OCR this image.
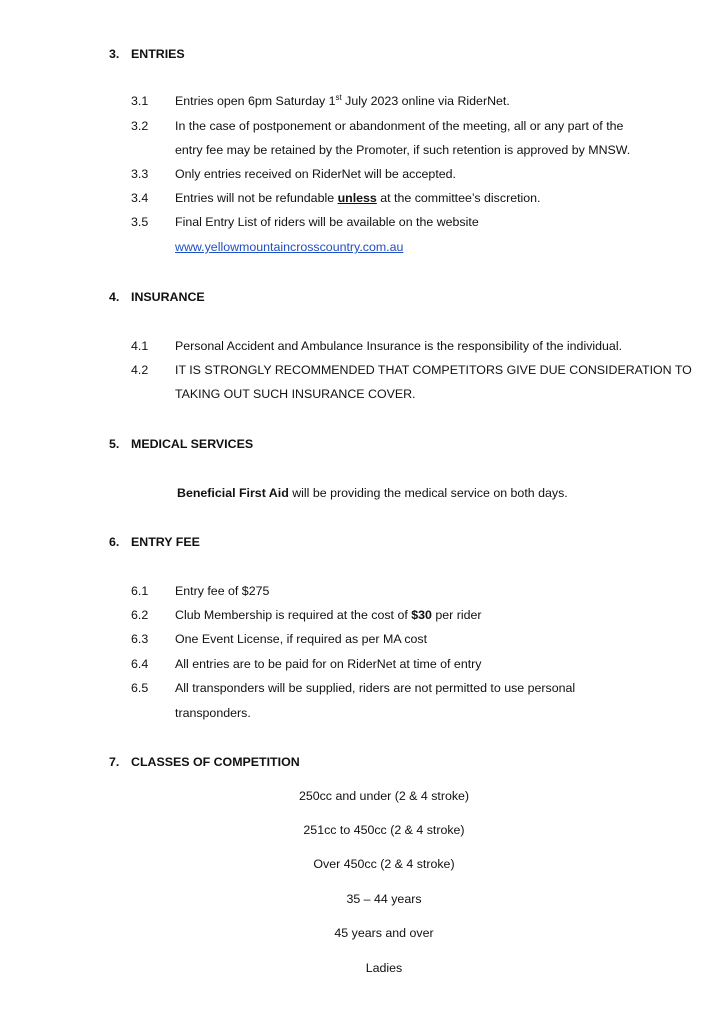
3. ENTRIES
3.1 Entries open 6pm Saturday 1st July 2023 online via RiderNet.
3.2 In the case of postponement or abandonment of the meeting, all or any part of the
entry fee may be retained by the Promoter, if such retention is approved by MNSW.
3.3 Only entries received on RiderNet will be accepted.
3.4 Entries will not be refundable unless at the committee’s discretion.
3.5 Final Entry List of riders will be available on the website
www.yellowmountaincrosscountry.com.au
4. INSURANCE
4.1 Personal Accident and Ambulance Insurance is the responsibility of the individual.
4.2 IT IS STRONGLY RECOMMENDED THAT COMPETITORS GIVE DUE CONSIDERATION TO
TAKING OUT SUCH INSURANCE COVER.
5. MEDICAL SERVICES
Beneficial First Aid will be providing the medical service on both days.
6. ENTRY FEE
6.1 Entry fee of $275
6.2 Club Membership is required at the cost of $30 per rider
6.3 One Event License, if required as per MA cost
6.4 All entries are to be paid for on RiderNet at time of entry
6.5 All transponders will be supplied, riders are not permitted to use personal
transponders.
7. CLASSES OF COMPETITION
250cc and under (2 & 4 stroke)
251cc to 450cc (2 & 4 stroke)
Over 450cc (2 & 4 stroke)
35 – 44 years
45 years and over
Ladies
